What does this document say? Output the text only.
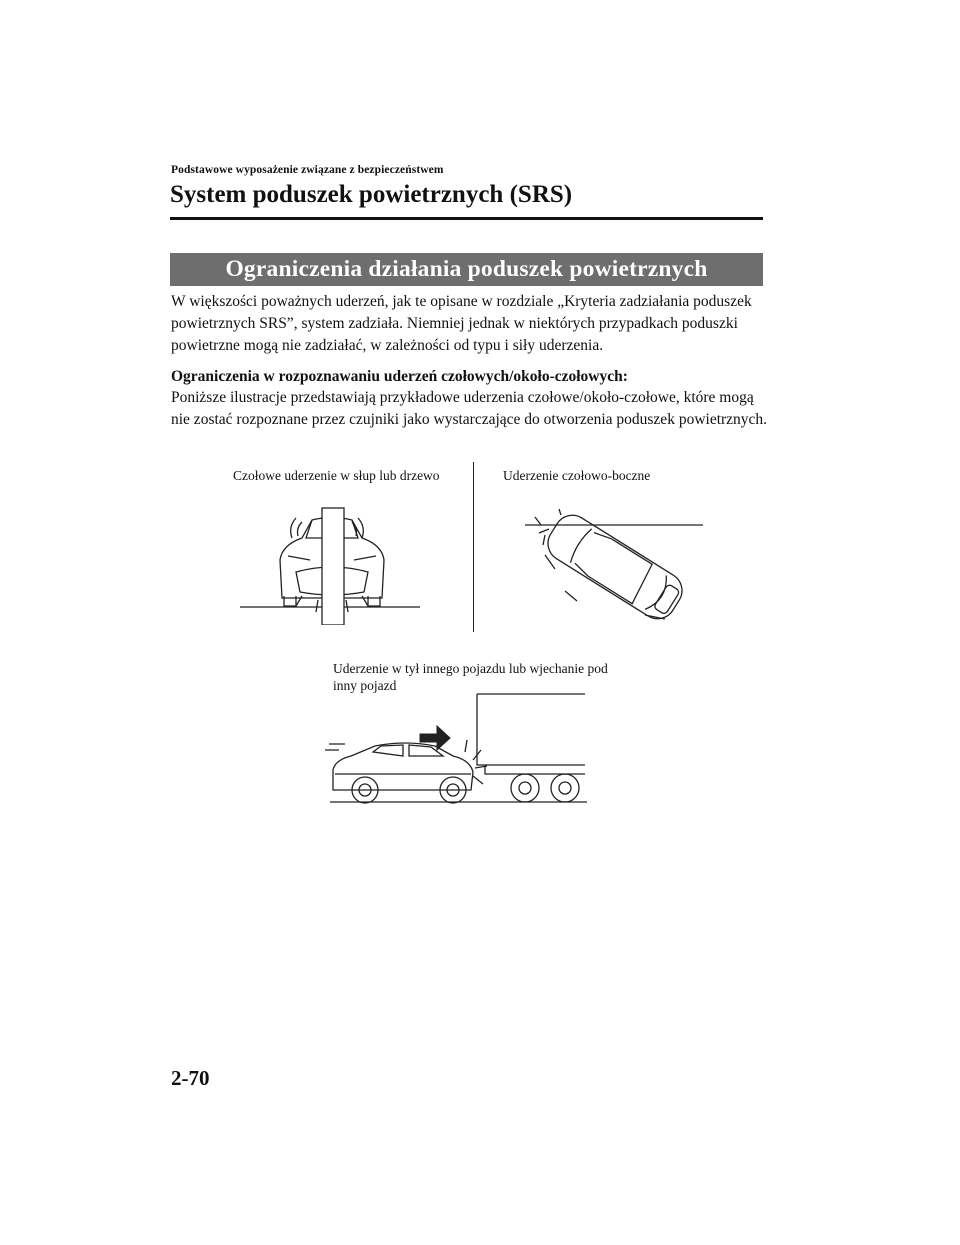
Podstawowe wyposażenie związane z bezpieczeństwem
System poduszek powietrznych (SRS)
Ograniczenia działania poduszek powietrznych
W większości poważnych uderzeń, jak te opisane w rozdziale „Kryteria zadziałania poduszek powietrznych SRS”, system zadziała. Niemniej jednak w niektórych przypadkach poduszki powietrzne mogą nie zadziałać, w zależności od typu i siły uderzenia.
Ograniczenia w rozpoznawaniu uderzeń czołowych/około-czołowych:
Poniższe ilustracje przedstawiają przykładowe uderzenia czołowe/około-czołowe, które mogą nie zostać rozpoznane przez czujniki jako wystarczające do otworzenia poduszek powietrznych.
Czołowe uderzenie w słup lub drzewo	Uderzenie czołowo-boczne
Uderzenie w tył innego pojazdu lub wjechanie pod inny pojazd
2-70
